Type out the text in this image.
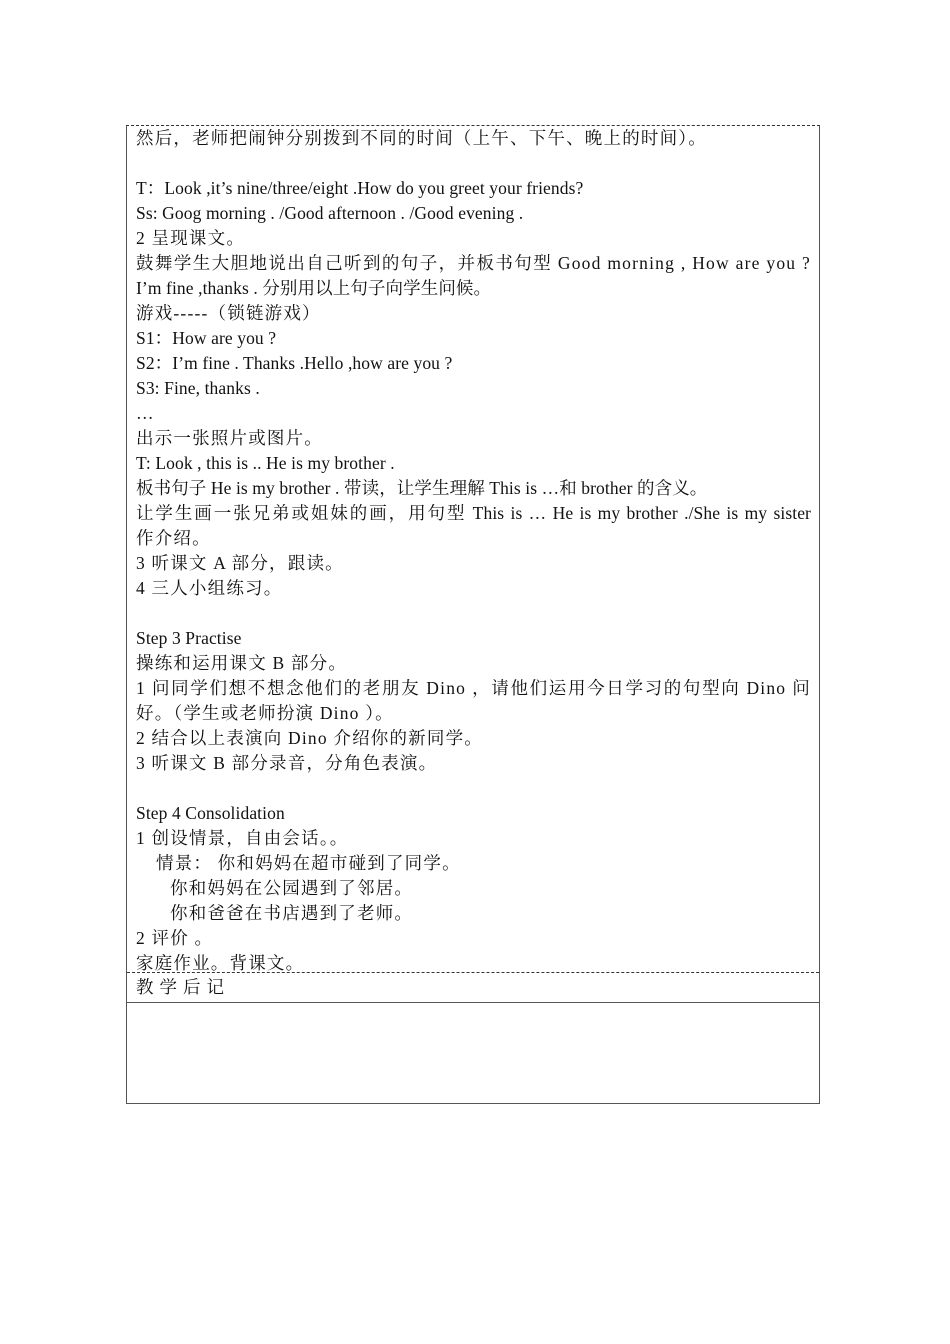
然后，老师把闹钟分别拨到不同的时间（上午、下午、晚上的时间）。
T：Look ,it’s nine/three/eight .How do you greet your friends?
Ss: Goog morning . /Good afternoon . /Good evening .
2 呈现课文。
鼓舞学生大胆地说出自己听到的句子，并板书句型 Good morning , How are you ?
I’m fine ,thanks . 分别用以上句子向学生问候。
游戏-----（锁链游戏）
S1：How are you ?
S2：I’m fine . Thanks .Hello ,how are you ?
S3: Fine, thanks .
…
出示一张照片或图片。
T: Look , this is .. He is my brother .
板书句子 He is my brother . 带读，让学生理解 This is …和 brother 的含义。
让学生画一张兄弟或姐妹的画，用句型 This is … He is my brother ./She is my sister
作介绍。
3 听课文 A 部分，跟读。
4 三人小组练习。
Step 3 Practise
操练和运用课文 B 部分。
1 问同学们想不想念他们的老朋友 Dino ，请他们运用今日学习的句型向 Dino 问
好。（学生或老师扮演 Dino ）。
2 结合以上表演向 Dino 介绍你的新同学。
3 听课文 B 部分录音，分角色表演。
Step 4 Consolidation
1 创设情景，自由会话。。
情景： 你和妈妈在超市碰到了同学。
你和妈妈在公园遇到了邻居。
你和爸爸在书店遇到了老师。
2 评价 。
家庭作业。背课文。
教学后记
